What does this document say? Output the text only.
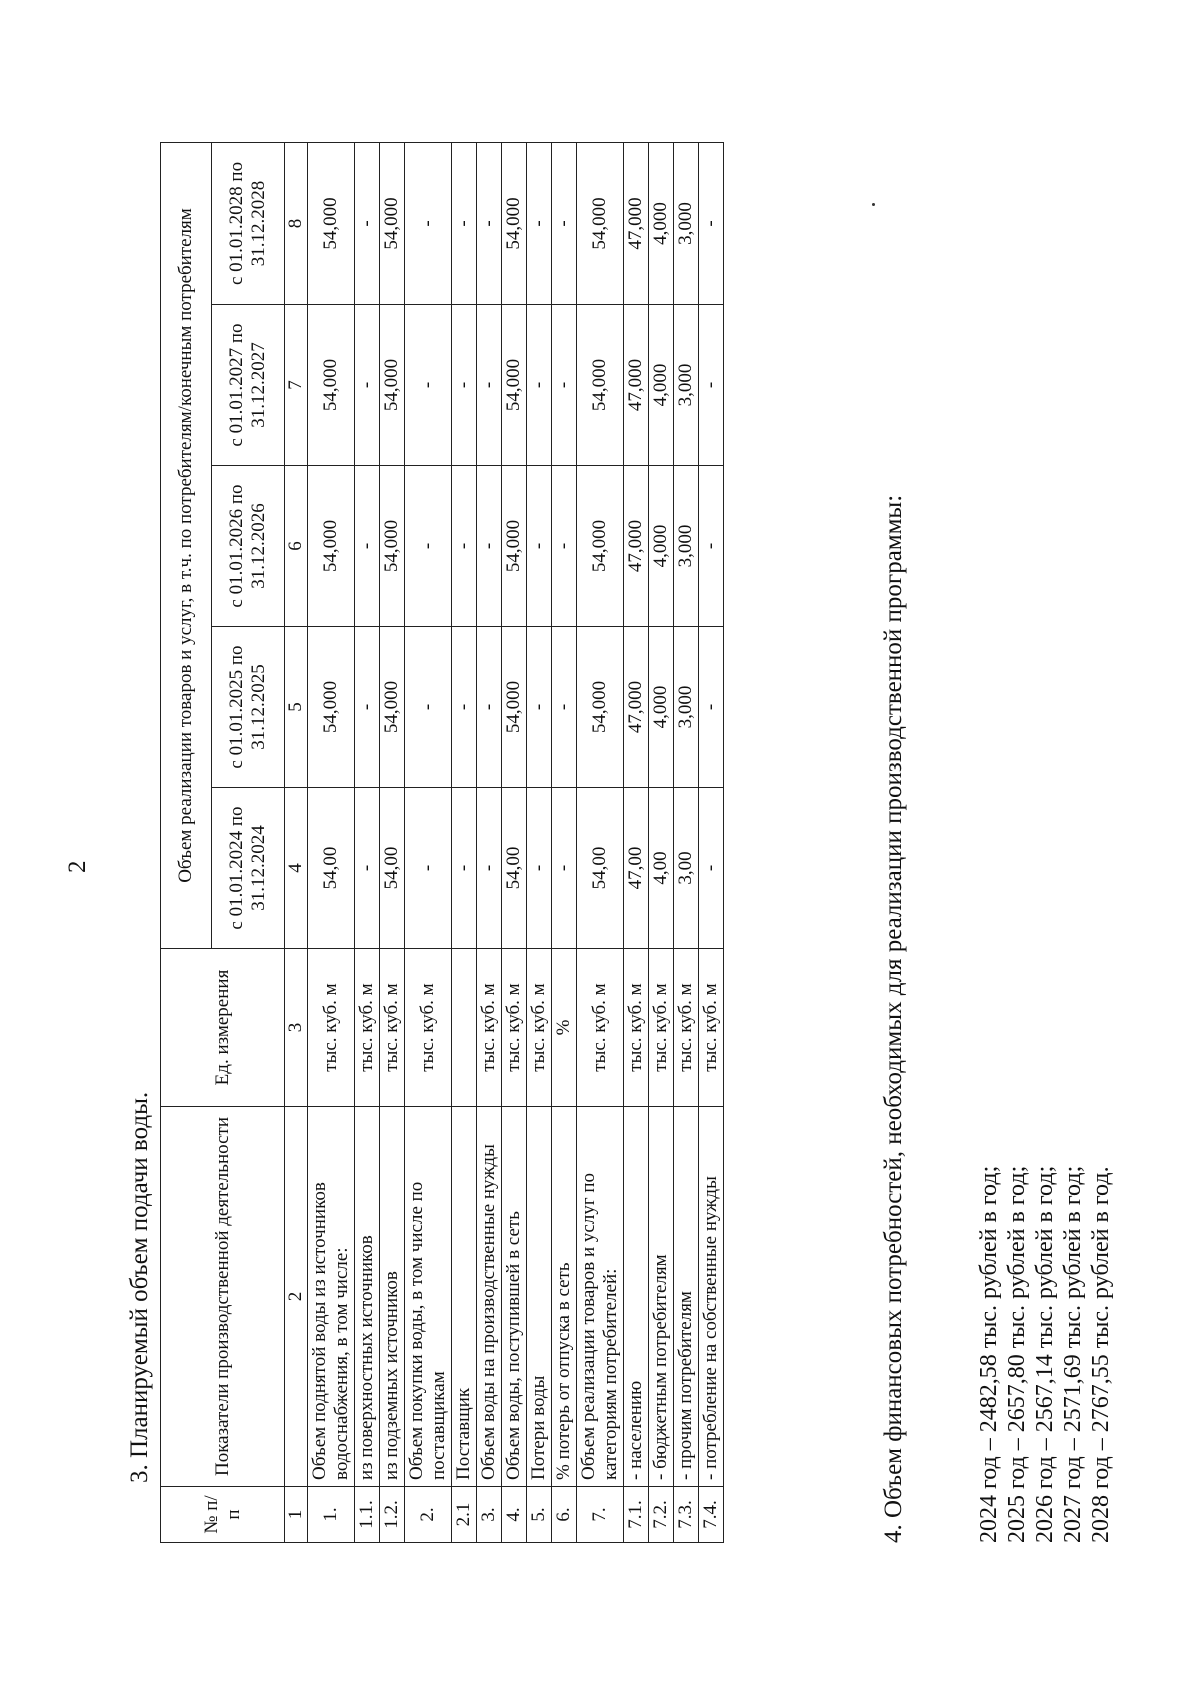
2
3. Планируемый объем подачи воды.
№ п/п	Показатели производственной деятельности	Ед. измерения	Объем реализации товаров и услуг, в т.ч. по потребителям/конечным потребителям				
			с 01.01.2024 по 31.12.2024	с 01.01.2025 по 31.12.2025	с 01.01.2026 по 31.12.2026	с 01.01.2027 по 31.12.2027	с 01.01.2028 по 31.12.2028
1	2	3	4	5	6	7	8
1.	Объем поднятой воды из источников водоснабжения, в том числе:	тыс. куб. м	54,00	54,000	54,000	54,000	54,000
1.1.	из поверхностных источников	тыс. куб. м	-	-	-	-	-
1.2.	из подземных источников	тыс. куб. м	54,00	54,000	54,000	54,000	54,000
2.	Объем покупки воды, в том числе по поставщикам	тыс. куб. м	-	-	-	-	-
2.1	Поставщик		-	-	-	-	-
3.	Объем воды на производственные нужды	тыс. куб. м	-	-	-	-	-
4.	Объем воды, поступившей в сеть	тыс. куб. м	54,00	54,000	54,000	54,000	54,000
5.	Потери воды	тыс. куб. м	-	-	-	-	-
6.	% потерь от отпуска в сеть	%	-	-	-	-	-
7.	Объем реализации товаров и услуг по категориям потребителей:	тыс. куб. м	54,00	54,000	54,000	54,000	54,000
7.1.	- населению	тыс. куб. м	47,00	47,000	47,000	47,000	47,000
7.2.	- бюджетным потребителям	тыс. куб. м	4,00	4,000	4,000	4,000	4,000
7.3.	- прочим потребителям	тыс. куб. м	3,00	3,000	3,000	3,000	3,000
7.4.	- потребление на собственные нужды	тыс. куб. м	-	-	-	-	-
4. Объем финансовых потребностей, необходимых для реализации производственной программы:	2024 год – 2482,58 тыс. рублей в год; 2025 год – 2657,80 тыс. рублей в год; 2026 год – 2567,14 тыс. рублей в год; 2027 год – 2571,69 тыс. рублей в год; 2028 год – 2767,55 тыс. рублей в год.
